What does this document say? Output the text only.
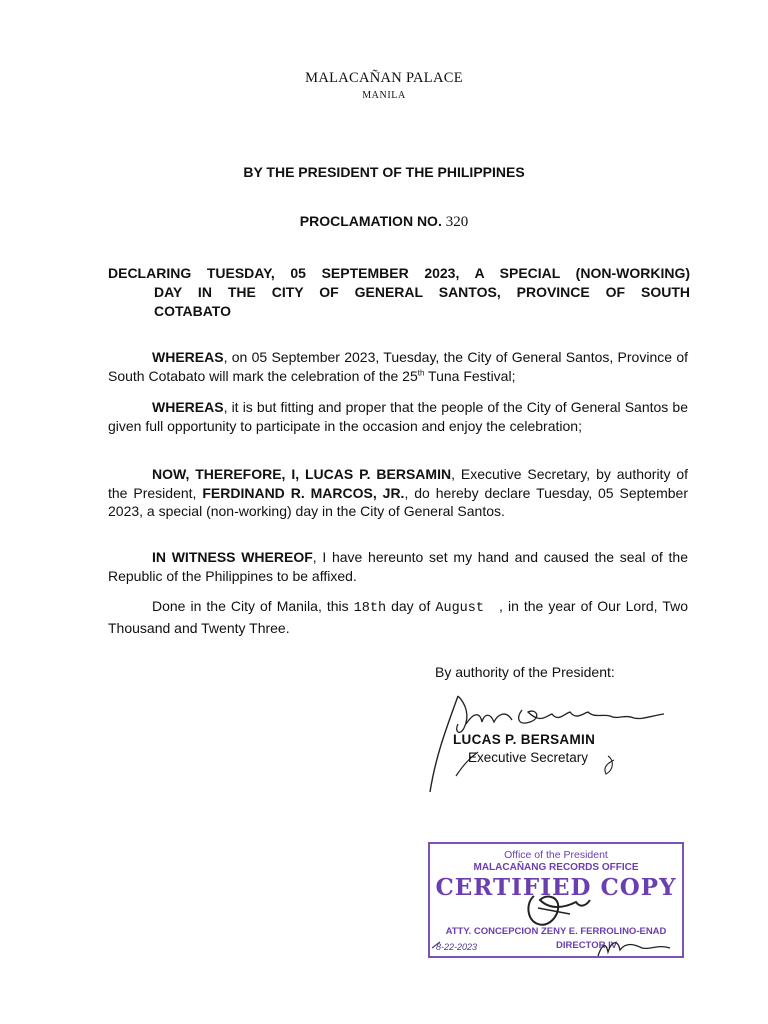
MALACAÑAN PALACE
MANILA
BY THE PRESIDENT OF THE PHILIPPINES
PROCLAMATION NO. 320
DECLARING TUESDAY, 05 SEPTEMBER 2023, A SPECIAL (NON-WORKING)
DAY IN THE CITY OF GENERAL SANTOS, PROVINCE OF SOUTH
COTABATO
WHEREAS, on 05 September 2023, Tuesday, the City of General Santos, Province of South Cotabato will mark the celebration of the 25th Tuna Festival;
WHEREAS, it is but fitting and proper that the people of the City of General Santos be given full opportunity to participate in the occasion and enjoy the celebration;
NOW, THEREFORE, I, LUCAS P. BERSAMIN, Executive Secretary, by authority of the President, FERDINAND R. MARCOS, JR., do hereby declare Tuesday, 05 September 2023, a special (non-working) day in the City of General Santos.
IN WITNESS WHEREOF, I have hereunto set my hand and caused the seal of the Republic of the Philippines to be affixed.
Done in the City of Manila, this 18th day of August , in the year of Our Lord, Two Thousand and Twenty Three.
By authority of the President:
LUCAS P. BERSAMIN
Executive Secretary
Office of the President
MALACAÑANG RECORDS OFFICE
CERTIFIED COPY
ATTY. CONCEPCION ZENY E. FERROLINO-ENAD
8-22-2023	DIRECTOR IV
